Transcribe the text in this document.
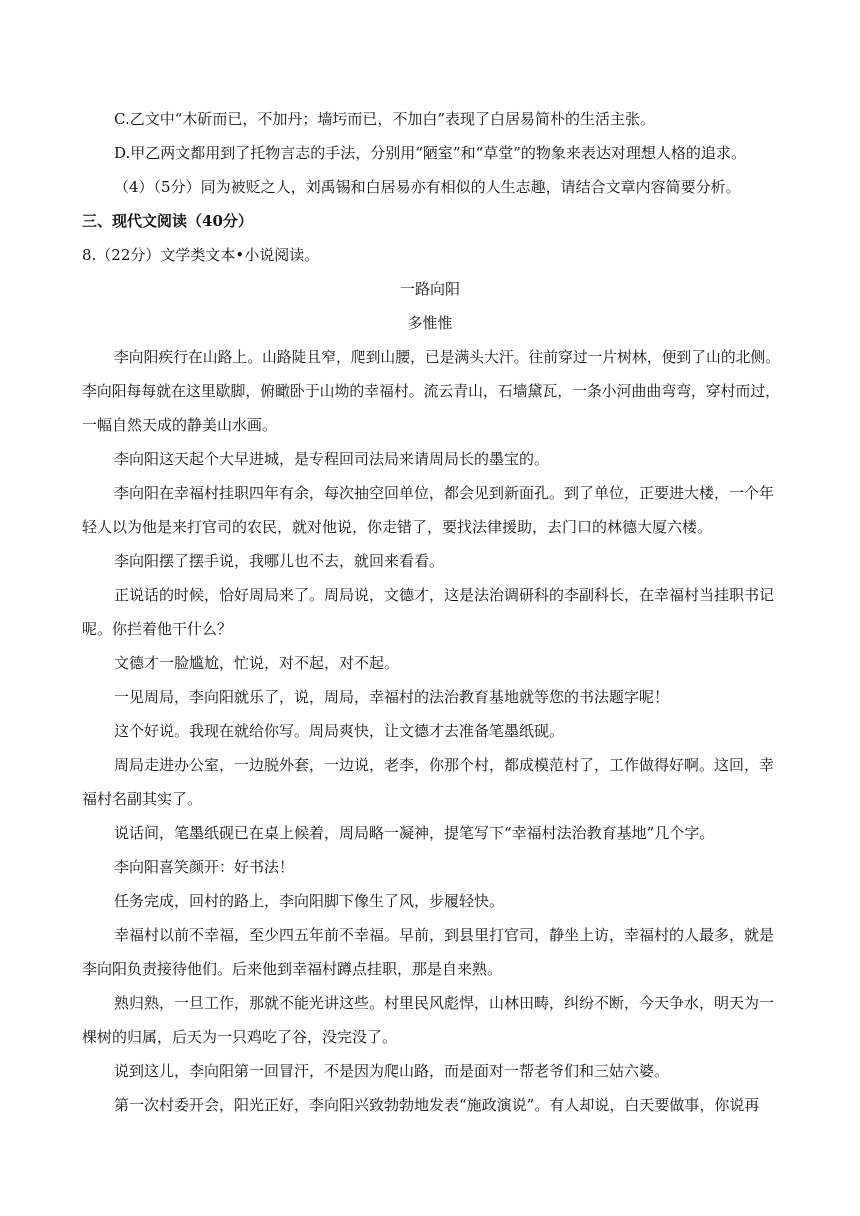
C.乙文中“木斫而已，不加丹；墙圬而已，不加白”表现了白居易简朴的生活主张。
D.甲乙两文都用到了托物言志的手法，分别用“陋室”和“草堂”的物象来表达对理想人格的追求。
（4）（5分）同为被贬之人，刘禹锡和白居易亦有相似的人生志趣，请结合文章内容简要分析。
三、现代文阅读（40分）
8.（22分）文学类文本•小说阅读。
一路向阳
多惟惟
李向阳疾行在山路上。山路陡且窄，爬到山腰，已是满头大汗。往前穿过一片树林，便到了山的北侧。
李向阳每每就在这里歇脚，俯瞰卧于山坳的幸福村。流云青山，石墙黛瓦，一条小河曲曲弯弯，穿村而过，
一幅自然天成的静美山水画。
李向阳这天起个大早进城，是专程回司法局来请周局长的墨宝的。
李向阳在幸福村挂职四年有余，每次抽空回单位，都会见到新面孔。到了单位，正要进大楼，一个年
轻人以为他是来打官司的农民，就对他说，你走错了，要找法律援助，去门口的林德大厦六楼。
李向阳摆了摆手说，我哪儿也不去，就回来看看。
正说话的时候，恰好周局来了。周局说，文德才，这是法治调研科的李副科长，在幸福村当挂职书记
呢。你拦着他干什么？
文德才一脸尴尬，忙说，对不起，对不起。
一见周局，李向阳就乐了，说，周局，幸福村的法治教育基地就等您的书法题字呢！
这个好说。我现在就给你写。周局爽快，让文德才去准备笔墨纸砚。
周局走进办公室，一边脱外套，一边说，老李，你那个村，都成模范村了，工作做得好啊。这回，幸
福村名副其实了。
说话间，笔墨纸砚已在桌上候着，周局略一凝神，提笔写下“幸福村法治教育基地”几个字。
李向阳喜笑颜开：好书法！
任务完成，回村的路上，李向阳脚下像生了风，步履轻快。
幸福村以前不幸福，至少四五年前不幸福。早前，到县里打官司，静坐上访，幸福村的人最多，就是
李向阳负责接待他们。后来他到幸福村蹲点挂职，那是自来熟。
熟归熟，一旦工作，那就不能光讲这些。村里民风彪悍，山林田畴，纠纷不断，今天争水，明天为一
棵树的归属，后天为一只鸡吃了谷，没完没了。
说到这儿，李向阳第一回冒汗，不是因为爬山路，而是面对一帮老爷们和三姑六婆。
第一次村委开会，阳光正好，李向阳兴致勃勃地发表“施政演说”。有人却说，白天要做事，你说再
